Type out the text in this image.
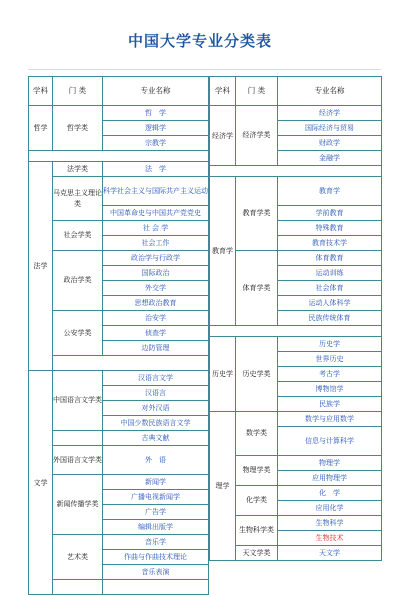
中国大学专业分类表
学科	门 类	专业名称
哲学	哲学类	哲　学
		逻辑学
		宗教学

法学	法学类	法　学
	马克思主义理论类	科学社会主义与国际共产主义运动
		中国革命史与中国共产党党史
	社会学类	社 会 学
		社会工作
	政治学类	政治学与行政学
		国际政治
		外交学
		思想政治教育
	公安学类	治安学
		侦查学
		边防管理

文学	中国语言文学类	汉语言文学
		汉语言
		对外汉语
		中国少数民族语言文学
		古典文献
	外国语言文学类	外　语
	新闻传播学类	新闻学
		广播电视新闻学
		广告学
		编辑出版学
	艺术类	音乐学
		作曲与作曲技术理论
		音乐表演

学科	门 类	专业名称
经济学	经济学类	经济学
		国际经济与贸易
		财政学
		金融学

教育学	教育学类	教育学
		学前教育
		特殊教育
		教育技术学
	体育学类	体育教育
		运动训练
		社会体育
		运动人体科学
		民族传统体育

历史学	历史学类	历史学
		世界历史
		考古学
		博物馆学
		民族学
理学	数学类	数学与应用数学
		信息与计算科学
	物理学类	物理学
		应用物理学
	化学类	化　学
		应用化学
	生物科学类	生物科学
		生物技术
	天文学类	天文学
